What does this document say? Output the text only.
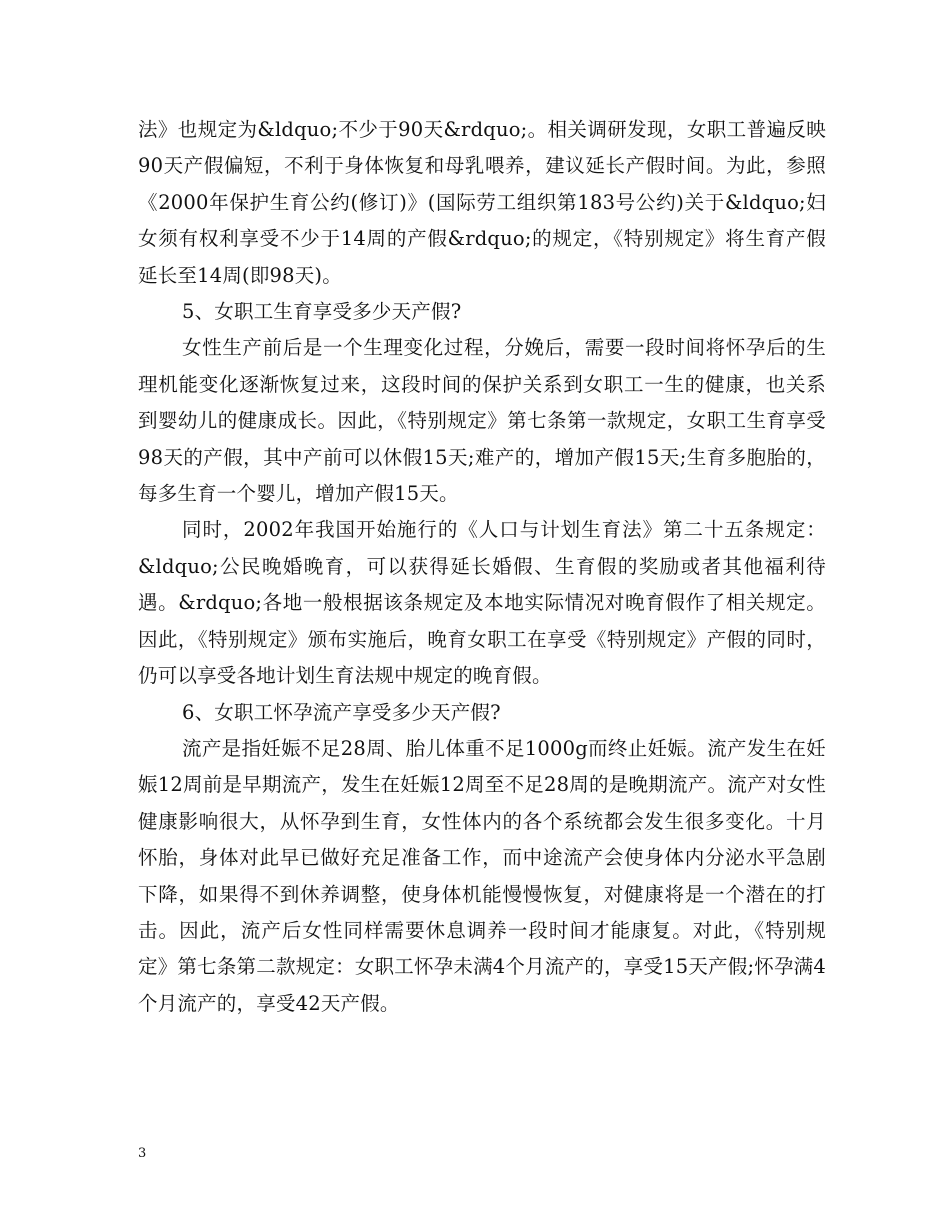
法》也规定为&ldquo;不少于90天&rdquo;。相关调研发现，女职工普遍反映90天产假偏短，不利于身体恢复和母乳喂养，建议延长产假时间。为此，参照《2000年保护生育公约(修订)》(国际劳工组织第183号公约)关于&ldquo;妇女须有权利享受不少于14周的产假&rdquo;的规定，《特别规定》将生育产假延长至14周(即98天)。

5、女职工生育享受多少天产假?

女性生产前后是一个生理变化过程，分娩后，需要一段时间将怀孕后的生理机能变化逐渐恢复过来，这段时间的保护关系到女职工一生的健康，也关系到婴幼儿的健康成长。因此，《特别规定》第七条第一款规定，女职工生育享受98天的产假，其中产前可以休假15天;难产的，增加产假15天;生育多胞胎的，每多生育一个婴儿，增加产假15天。

同时，2002年我国开始施行的《人口与计划生育法》第二十五条规定：&ldquo;公民晚婚晚育，可以获得延长婚假、生育假的奖励或者其他福利待遇。&rdquo;各地一般根据该条规定及本地实际情况对晚育假作了相关规定。因此，《特别规定》颁布实施后，晚育女职工在享受《特别规定》产假的同时，仍可以享受各地计划生育法规中规定的晚育假。

6、女职工怀孕流产享受多少天产假?

流产是指妊娠不足28周、胎儿体重不足1000g而终止妊娠。流产发生在妊娠12周前是早期流产，发生在妊娠12周至不足28周的是晚期流产。流产对女性健康影响很大，从怀孕到生育，女性体内的各个系统都会发生很多变化。十月怀胎，身体对此早已做好充足准备工作，而中途流产会使身体内分泌水平急剧下降，如果得不到休养调整，使身体机能慢慢恢复，对健康将是一个潜在的打击。因此，流产后女性同样需要休息调养一段时间才能康复。对此，《特别规定》第七条第二款规定：女职工怀孕未满4个月流产的，享受15天产假;怀孕满4个月流产的，享受42天产假。

3
